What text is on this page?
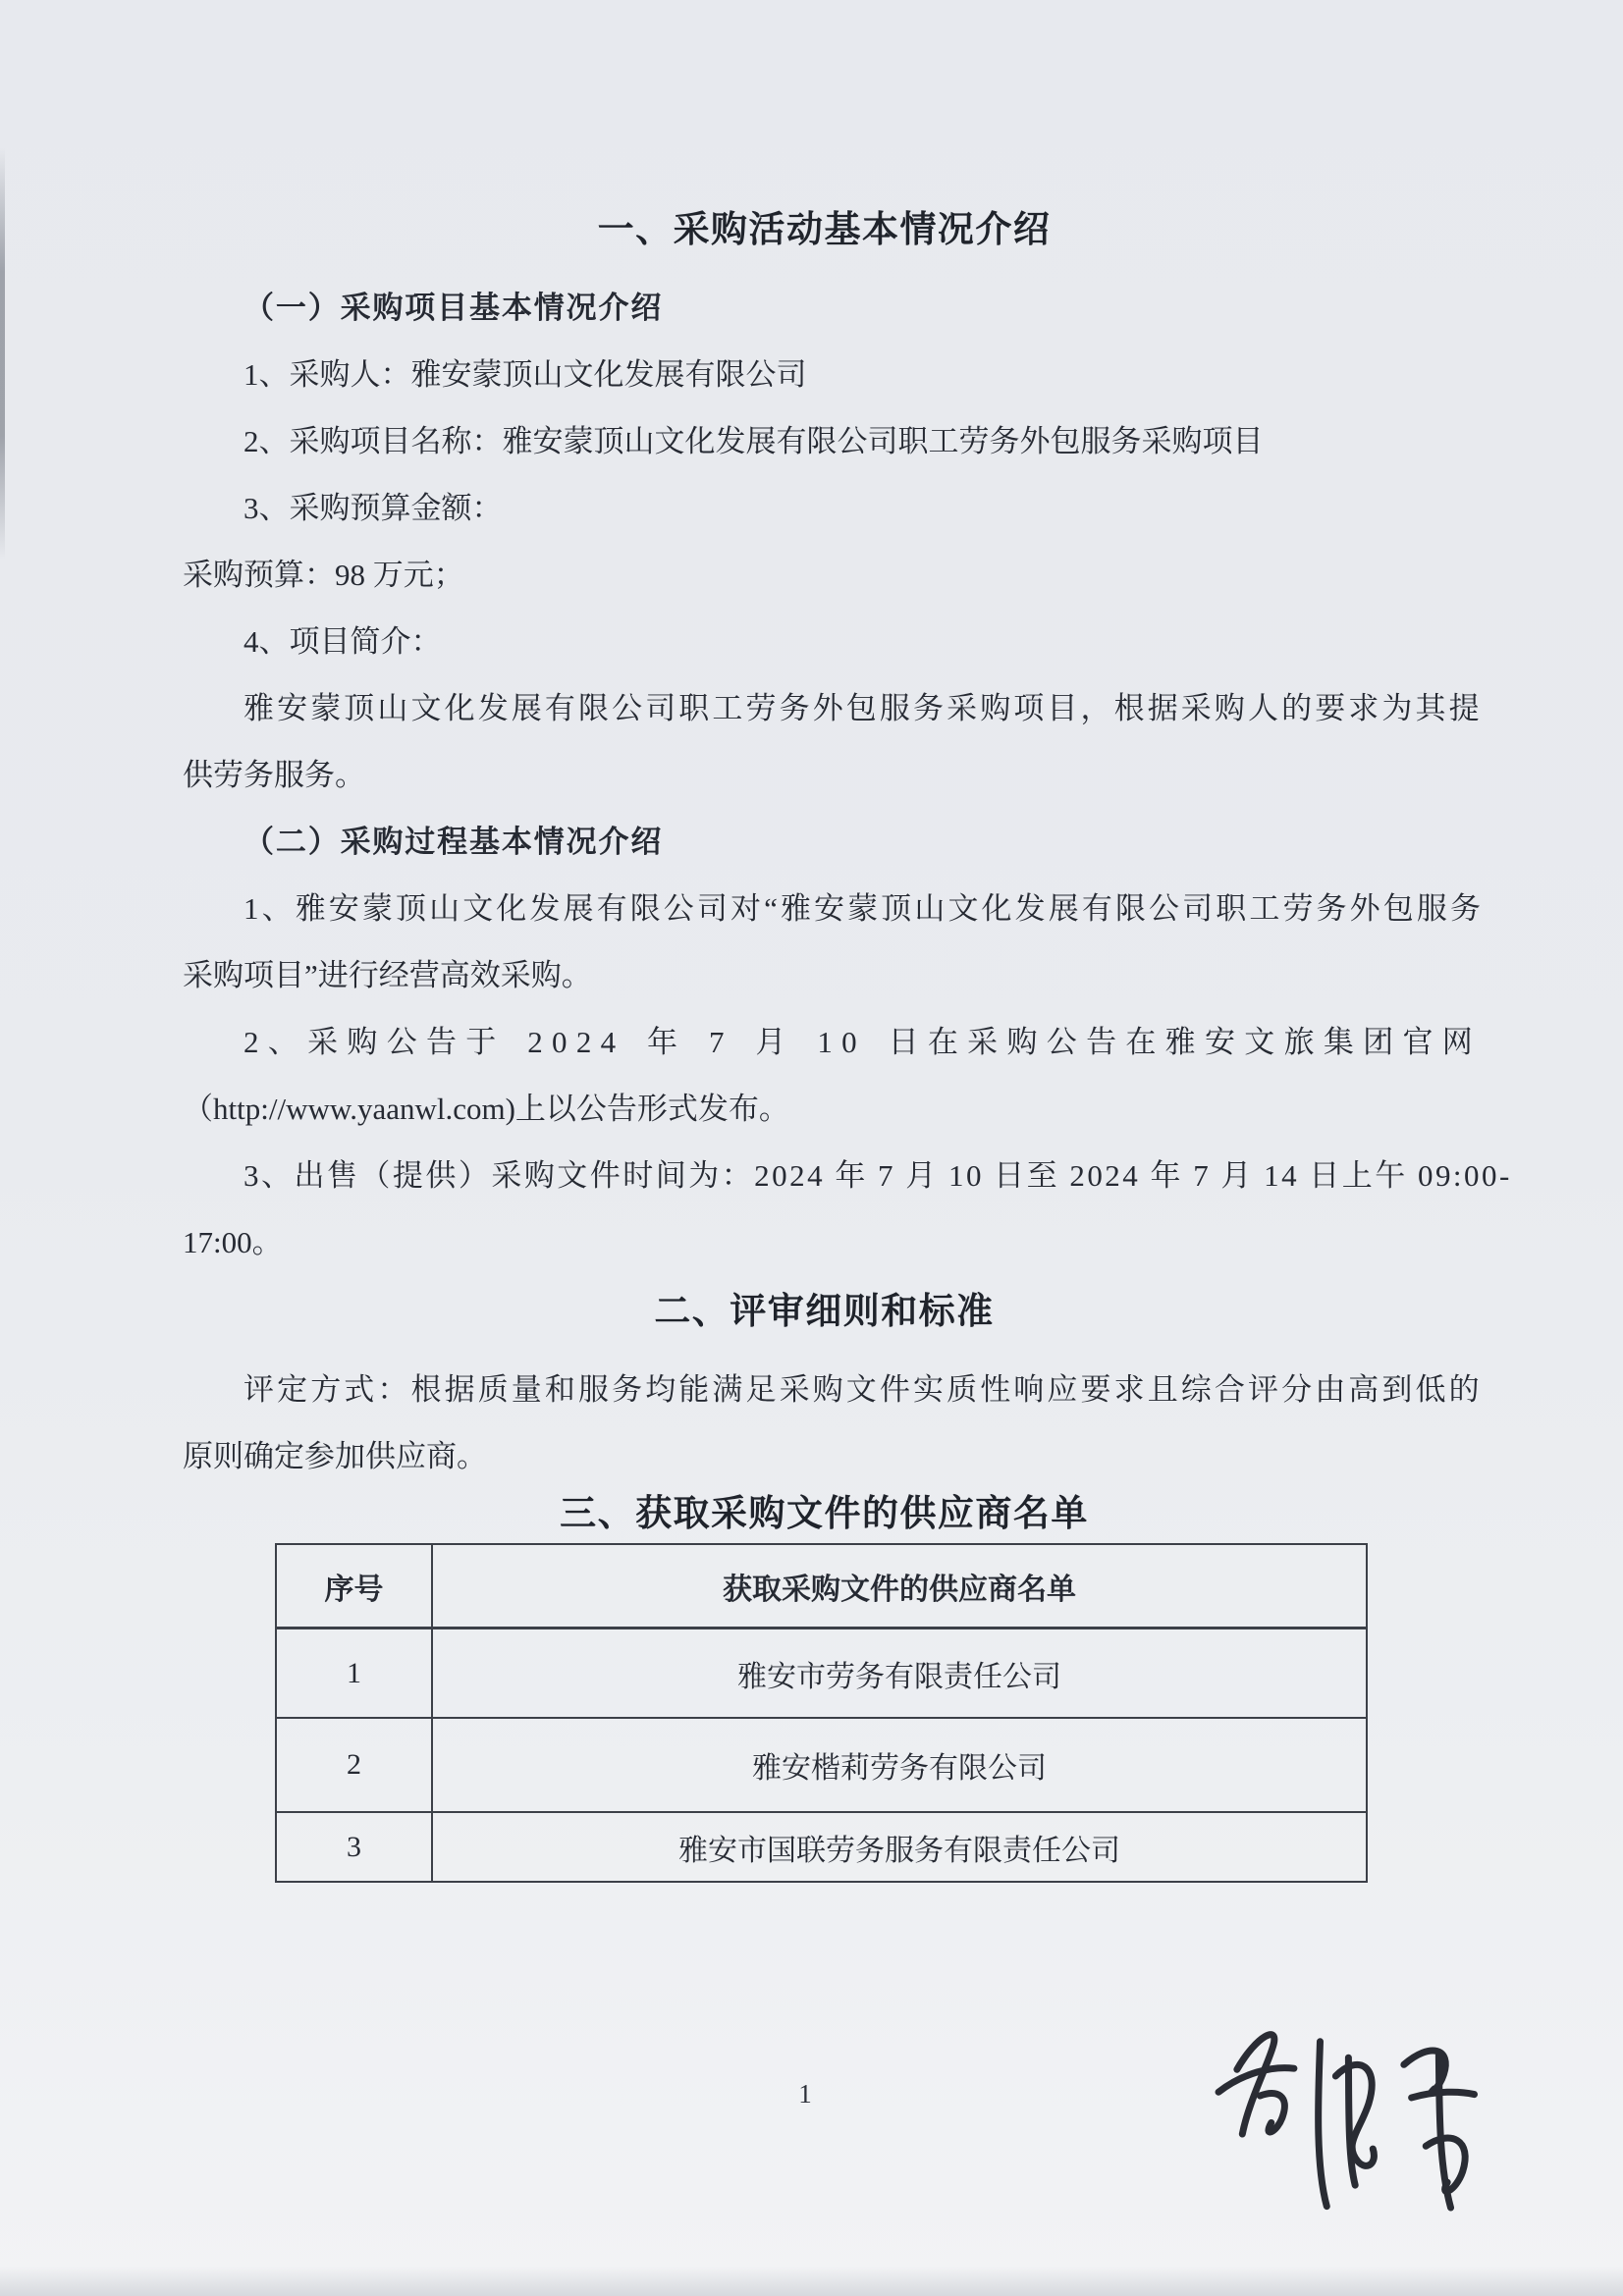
一、采购活动基本情况介绍
（一）采购项目基本情况介绍
1、采购人：雅安蒙顶山文化发展有限公司
2、采购项目名称：雅安蒙顶山文化发展有限公司职工劳务外包服务采购项目
3、采购预算金额：
采购预算：98 万元；
4、项目简介：
雅安蒙顶山文化发展有限公司职工劳务外包服务采购项目，根据采购人的要求为其提
供劳务服务。
（二）采购过程基本情况介绍
1、雅安蒙顶山文化发展有限公司对“雅安蒙顶山文化发展有限公司职工劳务外包服务
采购项目”进行经营高效采购。
2、采购公告于 2024 年 7 月 10 日在采购公告在雅安文旅集团官网
（http://www.yaanwl.com)上以公告形式发布。
3、出售（提供）采购文件时间为：2024 年 7 月 10 日至 2024 年 7 月 14 日上午 09:00-
17:00。
二、评审细则和标准
评定方式：根据质量和服务均能满足采购文件实质性响应要求且综合评分由高到低的
原则确定参加供应商。
三、获取采购文件的供应商名单
序号	获取采购文件的供应商名单
1	雅安市劳务有限责任公司
2	雅安楷莉劳务有限公司
3	雅安市国联劳务服务有限责任公司
1
